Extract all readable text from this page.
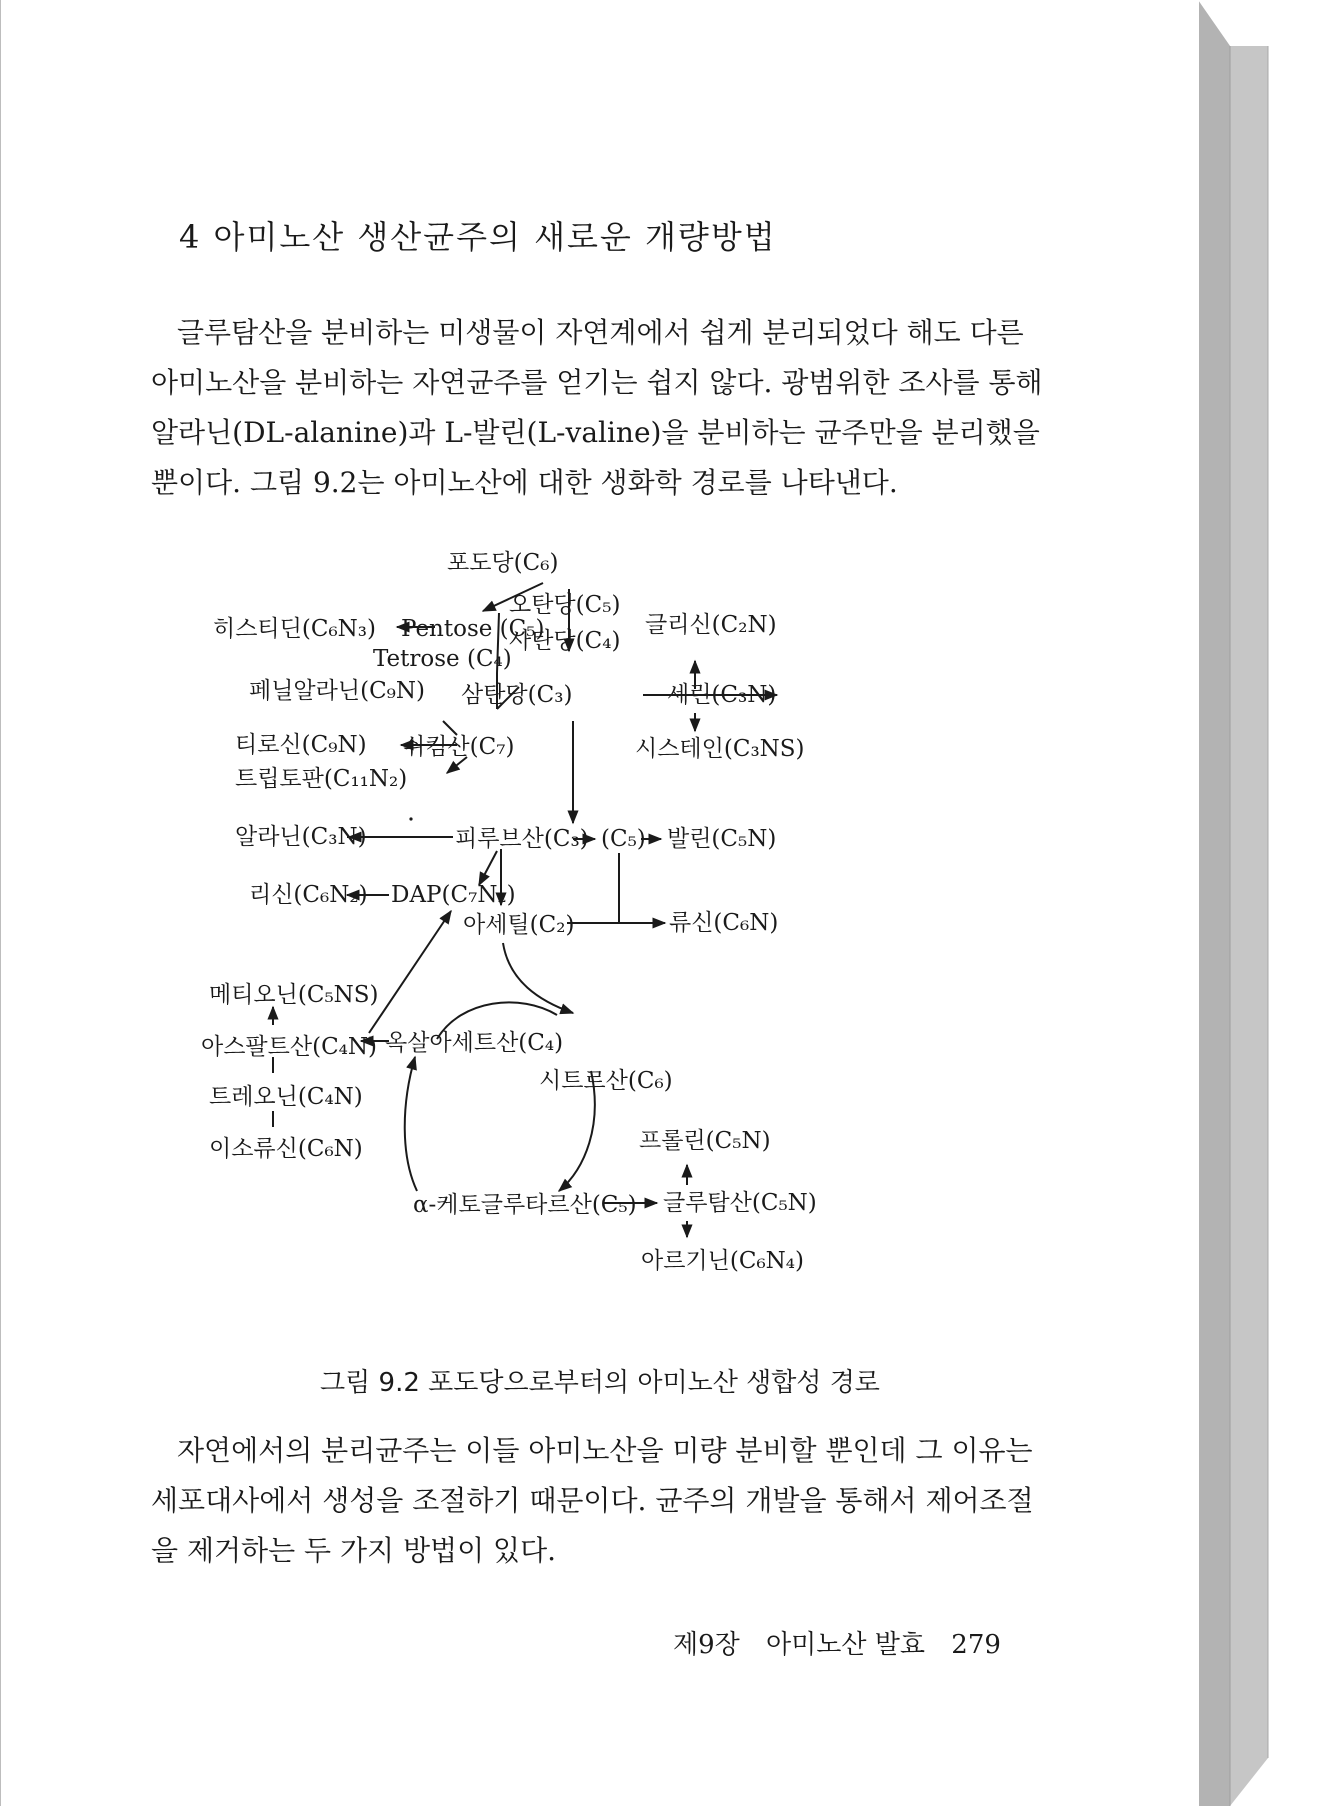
4 아미노산 생산균주의 새로운 개량방법
글루탐산을 분비하는 미생물이 자연계에서 쉽게 분리되었다 해도 다른
아미노산을 분비하는 자연균주를 얻기는 쉽지 않다. 광범위한 조사를 통해
알라닌(DL-alanine)과 L-발린(L-valine)을 분비하는 균주만을 분리했을
뿐이다. 그림 9.2는 아미노산에 대한 생화학 경로를 나타낸다.
포도당(C₆)
히스티딘(C₆N₃) Pentose (C₅)
Tetrose (C₄)
오탄당(C₅)
사탄당(C₄)
글리신(C₂N)
페닐알라닌(C₉N) 삼탄당(C₃)	세린(C₃N)
티로신(C₉N) 쉬킴산(C₇)	시스테인(C₃NS)
트립토판(C₁₁N₂)
알라닌(C₃N)	피루브산(C₃) (C₅) 발린(C₅N)
리신(C₆N₂) DAP(C₇N₂)
아세틸(C₂)	류신(C₆N)
메티오닌(C₅NS)
아스팔트산(C₄N) 옥살아세트산(C₄)
시트르산(C₆)
트레오닌(C₄N)
이소류신(C₆N)	프롤린(C₅N)
α-케토글루타르산(C₅) 글루탐산(C₅N)
아르기닌(C₆N₄)

그림 9.2 포도당으로부터의 아미노산 생합성 경로

자연에서의 분리균주는 이들 아미노산을 미량 분비할 뿐인데 그 이유는
세포대사에서 생성을 조절하기 때문이다. 균주의 개발을 통해서 제어조절
을 제거하는 두 가지 방법이 있다.
제9장 아미노산 발효 279
